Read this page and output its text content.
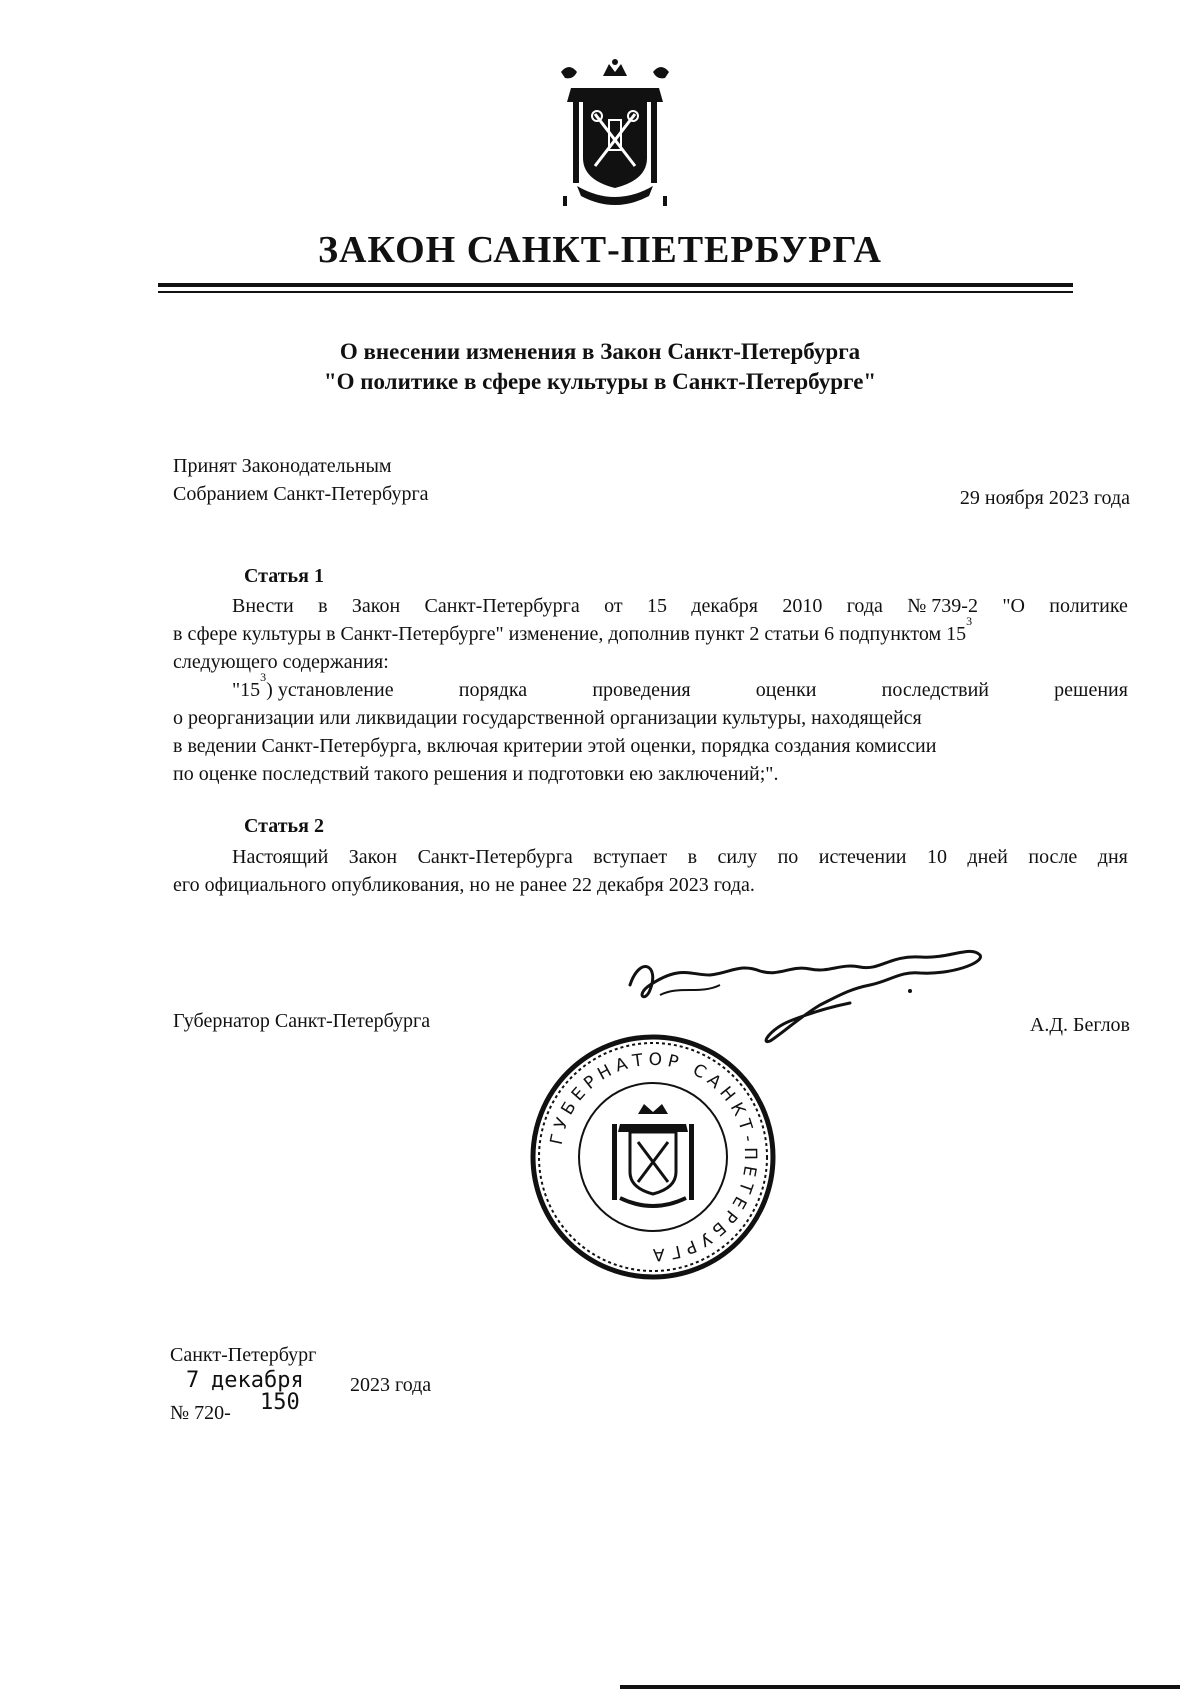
ЗАКОН САНКТ-ПЕТЕРБУРГА
О внесении изменения в Закон Санкт-Петербурга
"О политике в сфере культуры в Санкт-Петербурге"
Принят Законодательным
Собранием Санкт-Петербурга	29 ноября 2023 года
Статья 1
Внести в Закон Санкт-Петербурга от 15 декабря 2010 года № 739-2 "О политике
в сфере культуры в Санкт-Петербурге" изменение, дополнив пункт 2 статьи 6 подпунктом $15^3$
следующего содержания:
"$15^3$) установление	порядка	проведения	оценки	последствий	решения
о реорганизации или ликвидации государственной организации культуры, находящейся
в ведении Санкт-Петербурга, включая критерии этой оценки, порядка создания комиссии
по оценке последствий такого решения и подготовки ею заключений;".
Статья 2
Настоящий Закон Санкт-Петербурга вступает в силу по истечении 10 дней после дня
его официального опубликования, но не ранее 22 декабря 2023 года.
Губернатор Санкт-Петербурга	А.Д. Беглов
ГУБЕРНАТОР САНКТ-ПЕТЕРБУРГА
Санкт-Петербург
7 декабря 2023 года
№ 720- 150
